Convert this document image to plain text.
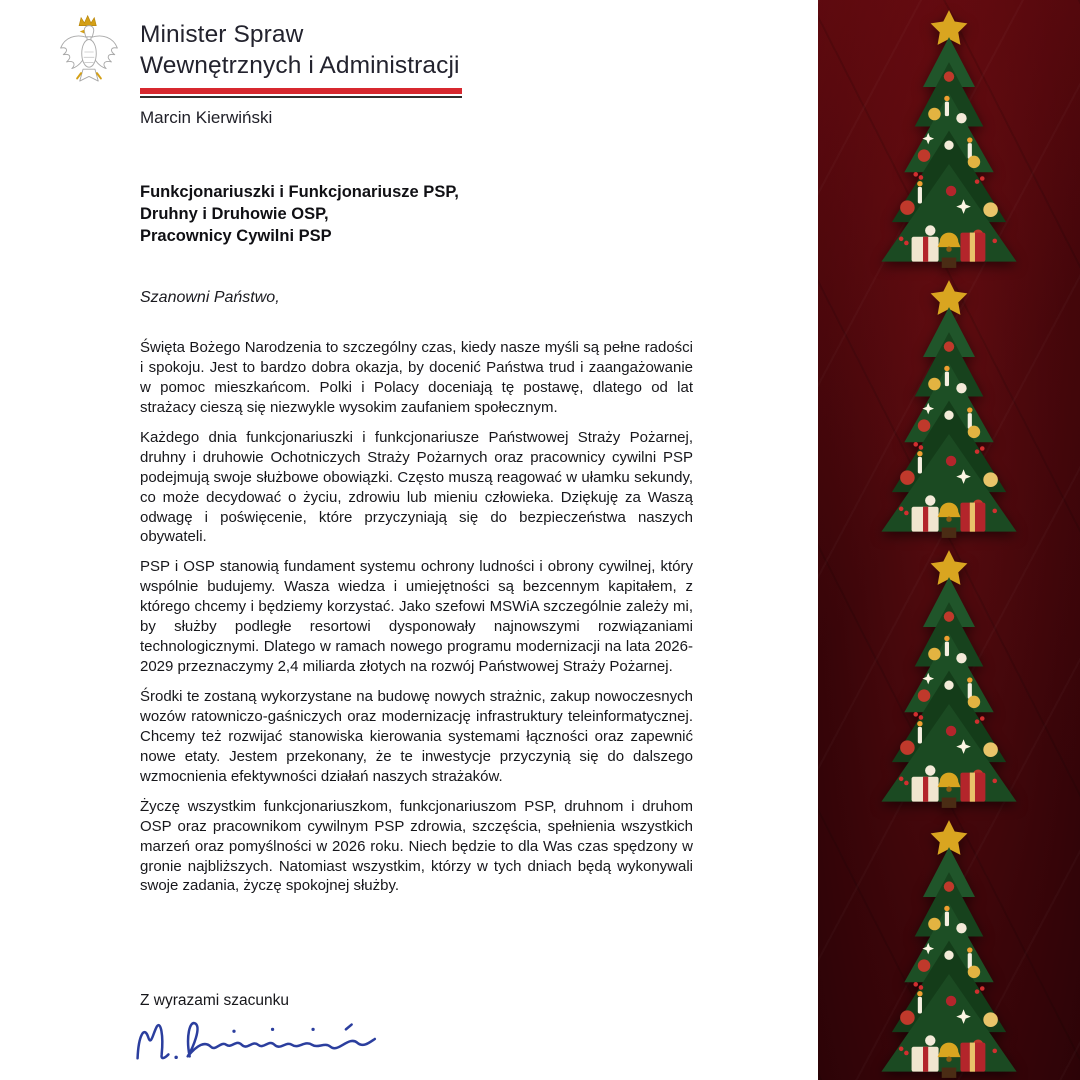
Minister Spraw
Wewnętrznych i Administracji
Marcin Kierwiński
Funkcjonariuszki i Funkcjonariusze PSP,
Druhny i Druhowie OSP,
Pracownicy Cywilni PSP
Szanowni Państwo,

Święta Bożego Narodzenia to szczególny czas, kiedy nasze myśli są pełne radości i spokoju. Jest to bardzo dobra okazja, by docenić Państwa trud i zaangażowanie w pomoc mieszkańcom. Polki i Polacy doceniają tę postawę, dlatego od lat strażacy cieszą się niezwykle wysokim zaufaniem społecznym.

Każdego dnia funkcjonariuszki i funkcjonariusze Państwowej Straży Pożarnej, druhny i druhowie Ochotniczych Straży Pożarnych oraz pracownicy cywilni PSP podejmują swoje służbowe obowiązki. Często muszą reagować w ułamku sekundy, co może decydować o życiu, zdrowiu lub mieniu człowieka. Dziękuję za Waszą odwagę i poświęcenie, które przyczyniają się do bezpieczeństwa naszych obywateli.

PSP i OSP stanowią fundament systemu ochrony ludności i obrony cywilnej, który wspólnie budujemy. Wasza wiedza i umiejętności są bezcennym kapitałem, z którego chcemy i będziemy korzystać. Jako szefowi MSWiA szczególnie zależy mi, by służby podległe resortowi dysponowały najnowszymi rozwiązaniami technologicznymi. Dlatego w ramach nowego programu modernizacji na lata 2026-2029 przeznaczymy 2,4 miliarda złotych na rozwój Państwowej Straży Pożarnej.

Środki te zostaną wykorzystane na budowę nowych strażnic, zakup nowoczesnych wozów ratowniczo-gaśniczych oraz modernizację infrastruktury teleinformatycznej. Chcemy też rozwijać stanowiska kierowania systemami łączności oraz zapewnić nowe etaty. Jestem przekonany, że te inwestycje przyczynią się do dalszego wzmocnienia efektywności działań naszych strażaków.

Życzę wszystkim funkcjonariuszkom, funkcjonariuszom PSP, druhnom i druhom OSP oraz pracownikom cywilnym PSP zdrowia, szczęścia, spełnienia wszystkich marzeń oraz pomyślności w 2026 roku. Niech będzie to dla Was czas spędzony w gronie najbliższych. Natomiast wszystkim, którzy w tych dniach będą wykonywali swoje zadania, życzę spokojnej służby.

Z wyrazami szacunku
